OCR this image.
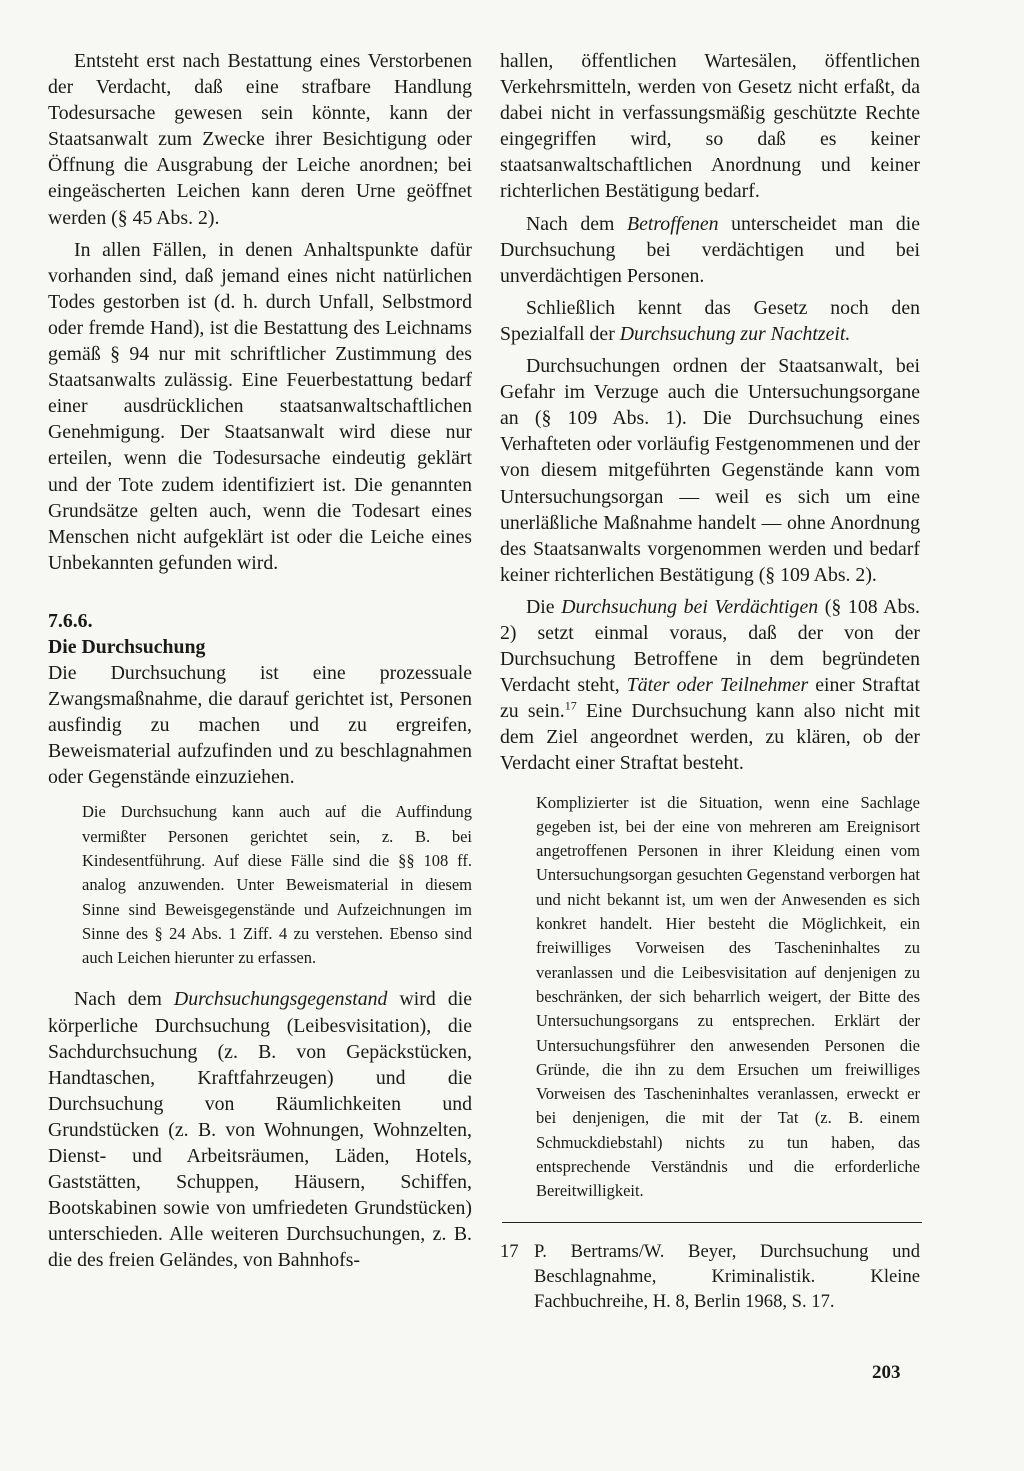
Entsteht erst nach Bestattung eines Verstorbenen der Verdacht, daß eine strafbare Handlung Todesursache gewesen sein könnte, kann der Staatsanwalt zum Zwecke ihrer Besichtigung oder Öffnung die Ausgrabung der Leiche anordnen; bei eingeäscherten Leichen kann deren Urne geöffnet werden (§ 45 Abs. 2).

In allen Fällen, in denen Anhaltspunkte dafür vorhanden sind, daß jemand eines nicht natürlichen Todes gestorben ist (d. h. durch Unfall, Selbstmord oder fremde Hand), ist die Bestattung des Leichnams gemäß § 94 nur mit schriftlicher Zustimmung des Staatsanwalts zulässig. Eine Feuerbestattung bedarf einer ausdrücklichen staatsanwaltschaftlichen Genehmigung. Der Staatsanwalt wird diese nur erteilen, wenn die Todesursache eindeutig geklärt und der Tote zudem identifiziert ist. Die genannten Grundsätze gelten auch, wenn die Todesart eines Menschen nicht aufgeklärt ist oder die Leiche eines Unbekannten gefunden wird.

7.6.6.
Die Durchsuchung

Die Durchsuchung ist eine prozessuale Zwangsmaßnahme, die darauf gerichtet ist, Personen ausfindig zu machen und zu ergreifen, Beweismaterial aufzufinden und zu beschlagnahmen oder Gegenstände einzuziehen.

Die Durchsuchung kann auch auf die Auffindung vermißter Personen gerichtet sein, z. B. bei Kindesentführung. Auf diese Fälle sind die §§ 108 ff. analog anzuwenden. Unter Beweismaterial in diesem Sinne sind Beweisgegenstände und Aufzeichnungen im Sinne des § 24 Abs. 1 Ziff. 4 zu verstehen. Ebenso sind auch Leichen hierunter zu erfassen.

Nach dem Durchsuchungsgegenstand wird die körperliche Durchsuchung (Leibesvisitation), die Sachdurchsuchung (z. B. von Gepäckstücken, Handtaschen, Kraftfahrzeugen) und die Durchsuchung von Räumlichkeiten und Grundstücken (z. B. von Wohnungen, Wohnzelten, Dienst- und Arbeitsräumen, Läden, Hotels, Gaststätten, Schuppen, Häusern, Schiffen, Bootskabinen sowie von umfriedeten Grundstücken) unterschieden. Alle weiteren Durchsuchungen, z. B. die des freien Geländes, von Bahnhofs-

hallen, öffentlichen Wartesälen, öffentlichen Verkehrsmitteln, werden von Gesetz nicht erfaßt, da dabei nicht in verfassungsmäßig geschützte Rechte eingegriffen wird, so daß es keiner staatsanwaltschaftlichen Anordnung und keiner richterlichen Bestätigung bedarf.

Nach dem Betroffenen unterscheidet man die Durchsuchung bei verdächtigen und bei unverdächtigen Personen.

Schließlich kennt das Gesetz noch den Spezialfall der Durchsuchung zur Nachtzeit.

Durchsuchungen ordnen der Staatsanwalt, bei Gefahr im Verzuge auch die Untersuchungsorgane an (§ 109 Abs. 1). Die Durchsuchung eines Verhafteten oder vorläufig Festgenommenen und der von diesem mitgeführten Gegenstände kann vom Untersuchungsorgan — weil es sich um eine unerläßliche Maßnahme handelt — ohne Anordnung des Staatsanwalts vorgenommen werden und bedarf keiner richterlichen Bestätigung (§ 109 Abs. 2).

Die Durchsuchung bei Verdächtigen (§ 108 Abs. 2) setzt einmal voraus, daß der von der Durchsuchung Betroffene in dem begründeten Verdacht steht, Täter oder Teilnehmer einer Straftat zu sein.$^{17}$ Eine Durchsuchung kann also nicht mit dem Ziel angeordnet werden, zu klären, ob der Verdacht einer Straftat besteht.

Komplizierter ist die Situation, wenn eine Sachlage gegeben ist, bei der eine von mehreren am Ereignisort angetroffenen Personen in ihrer Kleidung einen vom Untersuchungsorgan gesuchten Gegenstand verborgen hat und nicht bekannt ist, um wen der Anwesenden es sich konkret handelt. Hier besteht die Möglichkeit, ein freiwilliges Vorweisen des Tascheninhaltes zu veranlassen und die Leibesvisitation auf denjenigen zu beschränken, der sich beharrlich weigert, der Bitte des Untersuchungsorgans zu entsprechen. Erklärt der Untersuchungsführer den anwesenden Personen die Gründe, die ihn zu dem Ersuchen um freiwilliges Vorweisen des Tascheninhaltes veranlassen, erweckt er bei denjenigen, die mit der Tat (z. B. einem Schmuckdiebstahl) nichts zu tun haben, das entsprechende Verständnis und die erforderliche Bereitwilligkeit.

17 P. Bertrams/W. Beyer, Durchsuchung und Beschlagnahme, Kriminalistik. Kleine Fachbuchreihe, H. 8, Berlin 1968, S. 17.
203
